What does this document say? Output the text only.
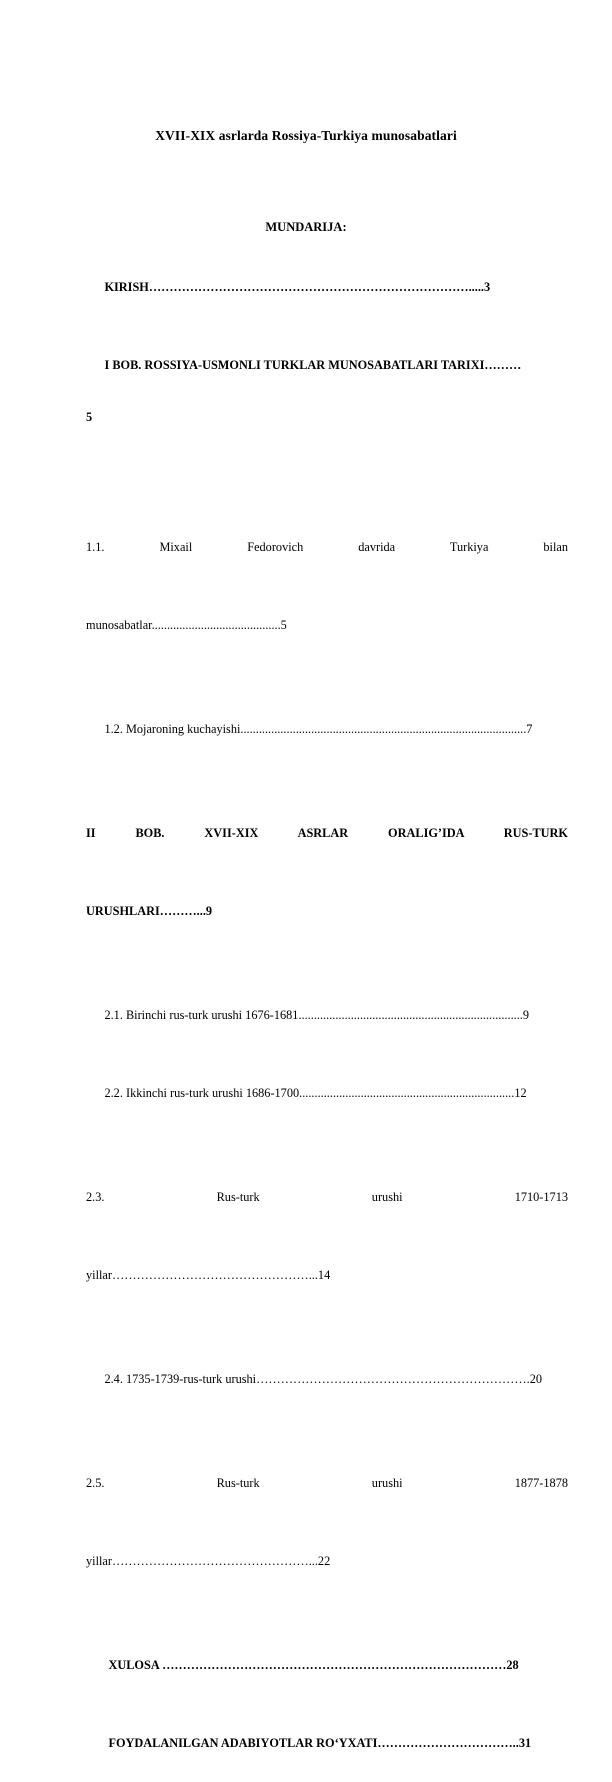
XVII-XIX asrlarda Rossiya-Turkiya munosabatlari
MUNDARIJA:

KIRISH…………………………………………………………………….....3

I BOB. ROSSIYA-USMONLI TURKLAR MUNOSABATLARI TARIXI………

5

1.1. Mixail Fedorovich davrida Turkiya bilan

munosabatlar..........................................5

1.2. Mojaroning kuchayishi.............................................................................................7

II BOB. XVII-XIX ASRLAR ORALIG’IDA RUS-TURK

URUSHLARI………...9

2.1. Birinchi rus-turk urushi 1676-1681.........................................................................9

2.2. Ikkinchi rus-turk urushi 1686-1700......................................................................12

2.3. Rus-turk urushi 1710-1713

yillar…………………………………………...14

2.4. 1735-1739-rus-turk urushi………………………………………………………….20

2.5. Rus-turk urushi 1877-1878

yillar…………………………………………...22

XULOSA …………………………………………………………………………28

FOYDALANILGAN ADABIYOTLAR RO‘YXATI……………………………..31
